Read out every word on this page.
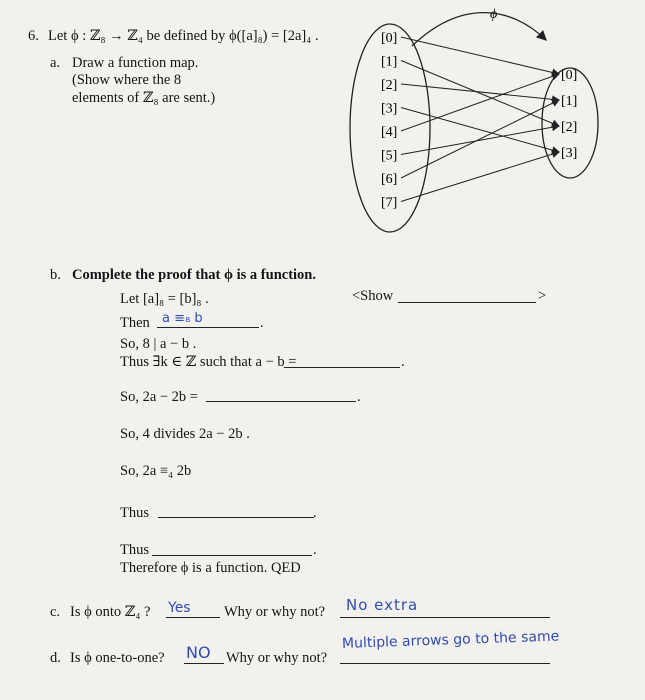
6. Let ϕ : ℤ₈ → ℤ₄ be defined by ϕ([a]₈) = [2a]₄ .
a. Draw a function map.
(Show where the 8
elements of ℤ₈ are sent.)
ϕ
[0]
[1]
[2]
[3]
[4]
[5]
[6]
[7]
[0]
[1]
[2]
[3]
b. Complete the proof that ϕ is a function.
Let [a]₈ = [b]₈ .	<Show	>
Then a ≡₈ b	.
So, 8 | a − b .
Thus ∃k ∈ ℤ such that a − b =	.
So, 2a − 2b =	.
So, 4 divides 2a − 2b .
So, 2a ≡₄ 2b
Thus	.
Thus	.
Therefore ϕ is a function. QED
c. Is ϕ onto ℤ₄ ? Yes Why or why not? No extra
d. Is ϕ one-to-one? NO Why or why not?
Multiple arrows go to the same
